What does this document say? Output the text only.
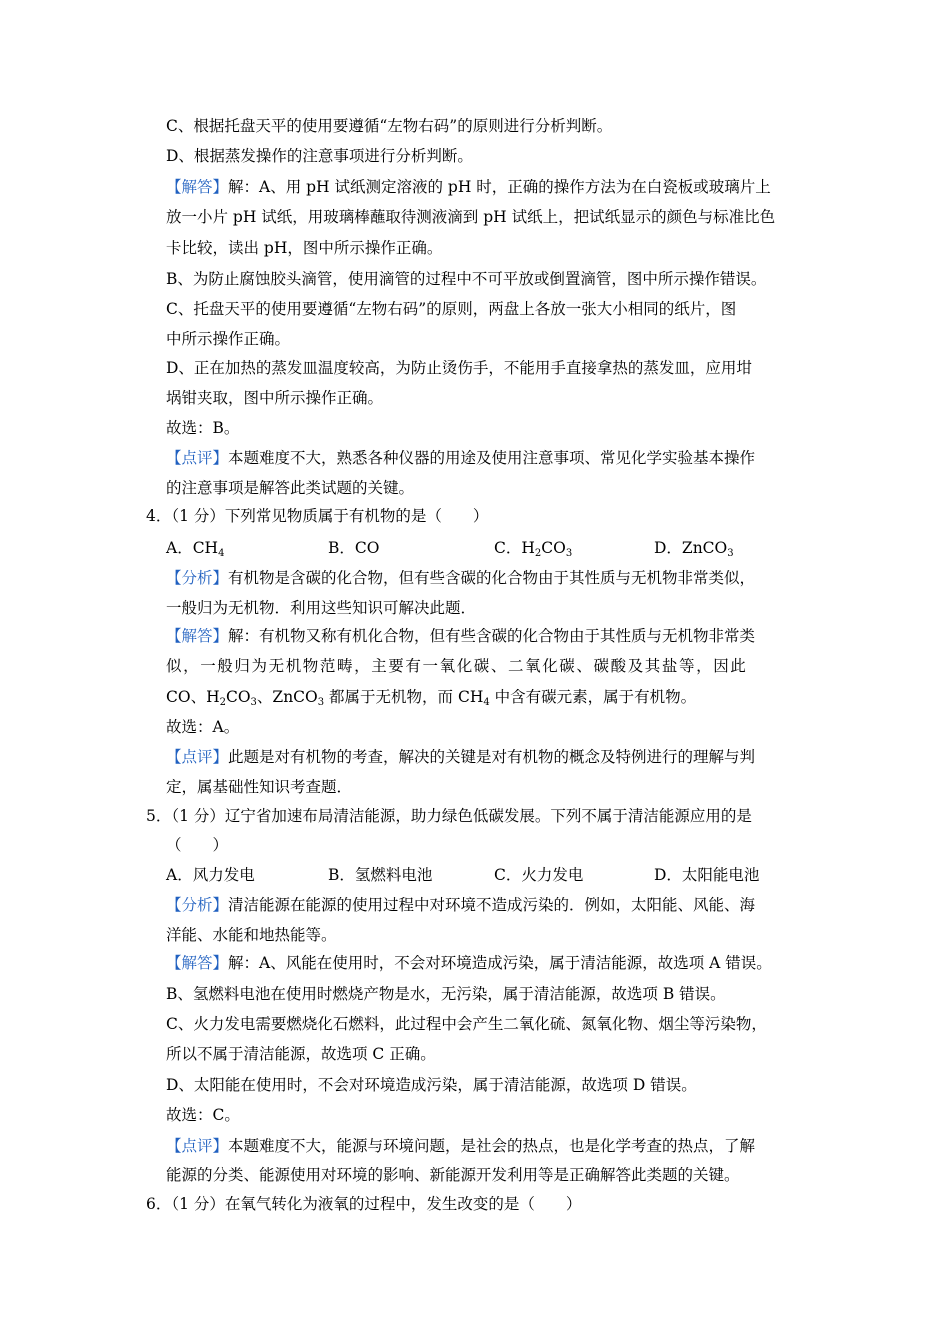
C、根据托盘天平的使用要遵循“左物右码”的原则进行分析判断。
D、根据蒸发操作的注意事项进行分析判断。
【解答】解：A、用 pH 试纸测定溶液的 pH 时，正确的操作方法为在白瓷板或玻璃片上
放一小片 pH 试纸，用玻璃棒蘸取待测液滴到 pH 试纸上，把试纸显示的颜色与标准比色
卡比较，读出 pH，图中所示操作正确。
B、为防止腐蚀胶头滴管，使用滴管的过程中不可平放或倒置滴管，图中所示操作错误。
C、托盘天平的使用要遵循“左物右码”的原则，两盘上各放一张大小相同的纸片，图
中所示操作正确。
D、正在加热的蒸发皿温度较高，为防止烫伤手，不能用手直接拿热的蒸发皿，应用坩
埚钳夹取，图中所示操作正确。
故选：B。
【点评】本题难度不大，熟悉各种仪器的用途及使用注意事项、常见化学实验基本操作
的注意事项是解答此类试题的关键。
4．（1 分）下列常见物质属于有机物的是（　　）
A．$CH_4$	B．CO	C．$H_2CO_3$	D．ZnCO$_3$
【分析】有机物是含碳的化合物，但有些含碳的化合物由于其性质与无机物非常类似，
一般归为无机物．利用这些知识可解决此题．
【解答】解：有机物又称有机化合物，但有些含碳的化合物由于其性质与无机物非常类
似，一般归为无机物范畴，主要有一氧化碳、二氧化碳、碳酸及其盐等，因此
CO、$H_2CO_3$、ZnCO$_3$ 都属于无机物，而 $CH_4$ 中含有碳元素，属于有机物。
故选：A。
【点评】此题是对有机物的考查，解决的关键是对有机物的概念及特例进行的理解与判
定，属基础性知识考查题．
5．（1 分）辽宁省加速布局清洁能源，助力绿色低碳发展。下列不属于清洁能源应用的是
（　　）
A．风力发电	B．氢燃料电池	C．火力发电	D．太阳能电池
【分析】清洁能源在能源的使用过程中对环境不造成污染的．例如，太阳能、风能、海
洋能、水能和地热能等。
【解答】解：A、风能在使用时，不会对环境造成污染，属于清洁能源，故选项 A 错误。
B、氢燃料电池在使用时燃烧产物是水，无污染，属于清洁能源，故选项 B 错误。
C、火力发电需要燃烧化石燃料，此过程中会产生二氧化硫、氮氧化物、烟尘等污染物，
所以不属于清洁能源，故选项 C 正确。
D、太阳能在使用时，不会对环境造成污染，属于清洁能源，故选项 D 错误。
故选：C。
【点评】本题难度不大，能源与环境问题，是社会的热点，也是化学考查的热点，了解
能源的分类、能源使用对环境的影响、新能源开发利用等是正确解答此类题的关键。
6．（1 分）在氧气转化为液氧的过程中，发生改变的是（　　）
